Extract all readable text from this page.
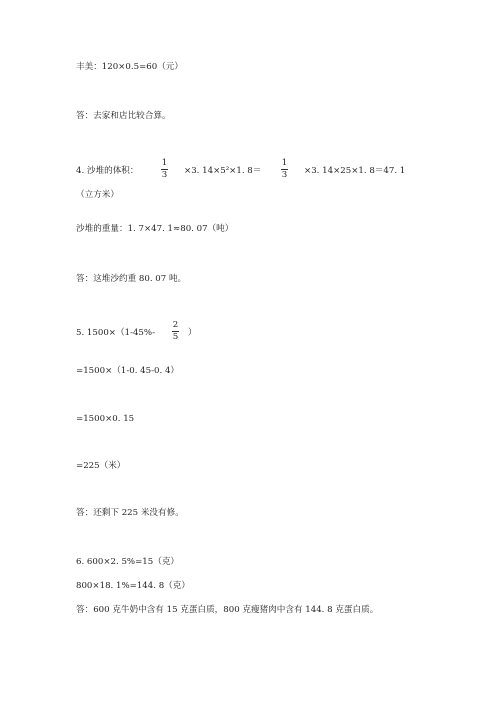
丰美：120×0.5=60（元）
答：去家和店比较合算。
4. 沙堆的体积：
1
3 ×3. 14×5²×1. 8＝
1
3 ×3. 14×25×1. 8＝47. 1
（立方米）
沙堆的重量：1. 7×47. 1≈80. 07（吨）
答：这堆沙约重 80. 07 吨。
5. 1500×（1-45%-
2
5 ）
=1500×（1-0. 45-0. 4）
=1500×0. 15
=225（米）
答：还剩下 225 米没有修。
6. 600×2. 5%=15（克）
800×18. 1%=144. 8（克）
答：600 克牛奶中含有 15 克蛋白质，800 克瘦猪肉中含有 144. 8 克蛋白质。
